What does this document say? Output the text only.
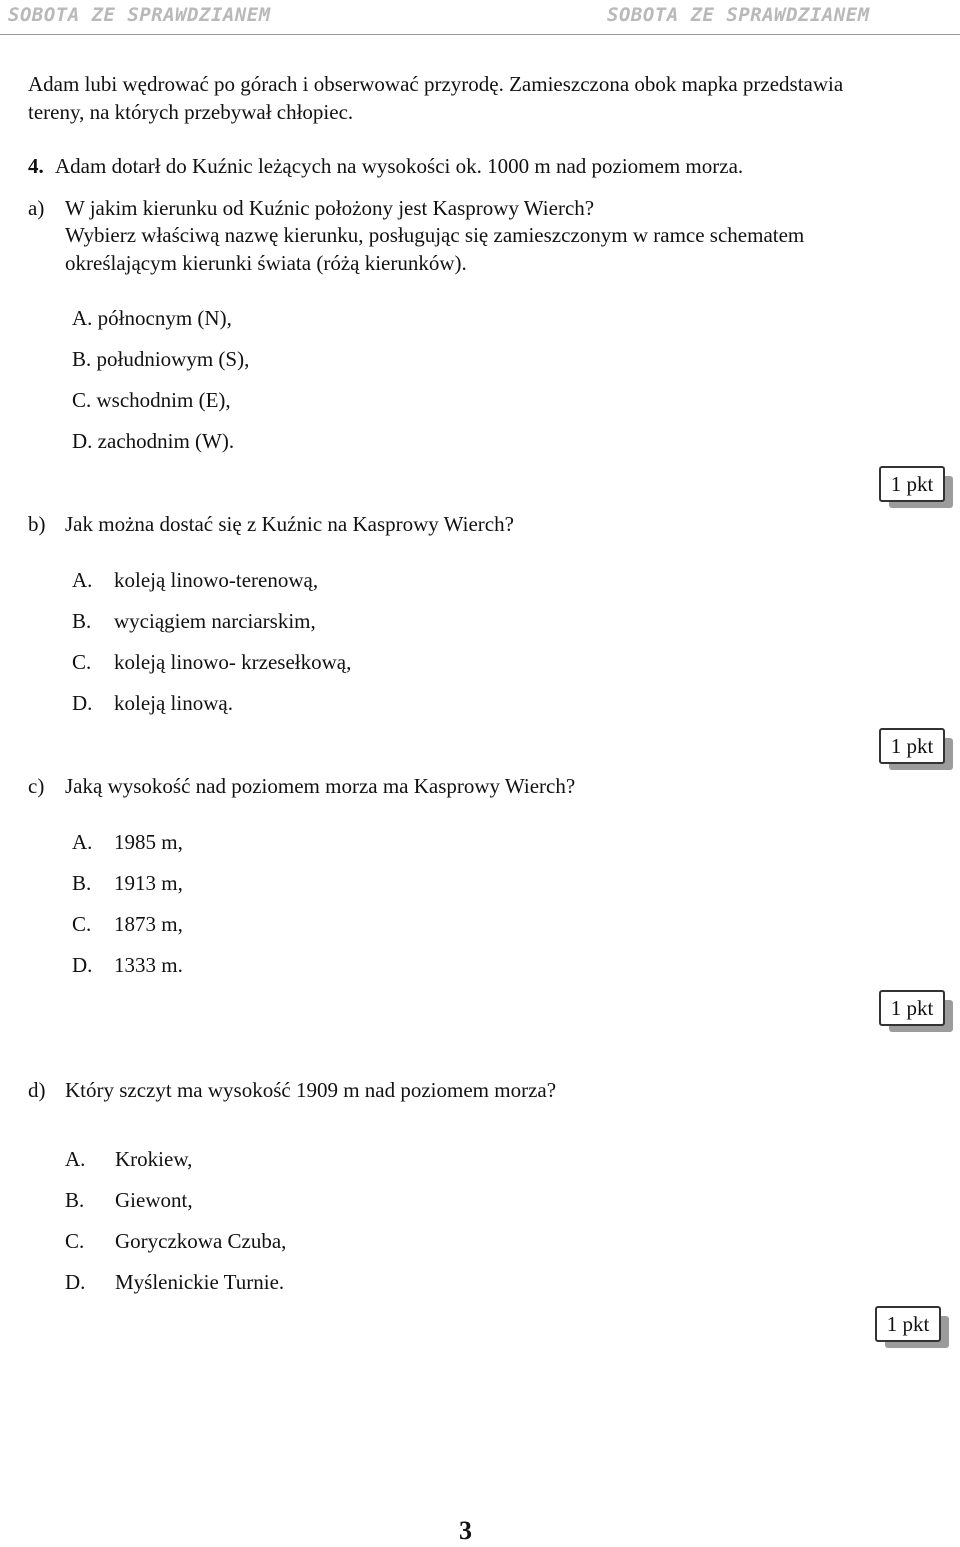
SOBOTA ZE SPRAWDZIANEM	SOBOTA ZE SPRAWDZIANEM
Adam lubi wędrować po górach i obserwować przyrodę. Zamieszczona obok mapka przedstawia
tereny, na których przebywał chłopiec.
4. Adam dotarł do Kuźnic leżących na wysokości ok. 1000 m nad poziomem morza.
a) W jakim kierunku od Kuźnic położony jest Kasprowy Wierch?
Wybierz właściwą nazwę kierunku, posługując się zamieszczonym w ramce schematem
określającym kierunki świata (różą kierunków).
A. północnym (N),
B. południowym (S),
C. wschodnim (E),
D. zachodnim (W).
1 pkt
b) Jak można dostać się z Kuźnic na Kasprowy Wierch?
A. koleją linowo-terenową,
B. wyciągiem narciarskim,
C. koleją linowo- krzesełkową,
D. koleją linową.
1 pkt
c) Jaką wysokość nad poziomem morza ma Kasprowy Wierch?
A. 1985 m,
B. 1913 m,
C. 1873 m,
D. 1333 m.
1 pkt
d) Który szczyt ma wysokość 1909 m nad poziomem morza?
A. Krokiew,
B. Giewont,
C. Goryczkowa Czuba,
D. Myślenickie Turnie.
1 pkt
3
